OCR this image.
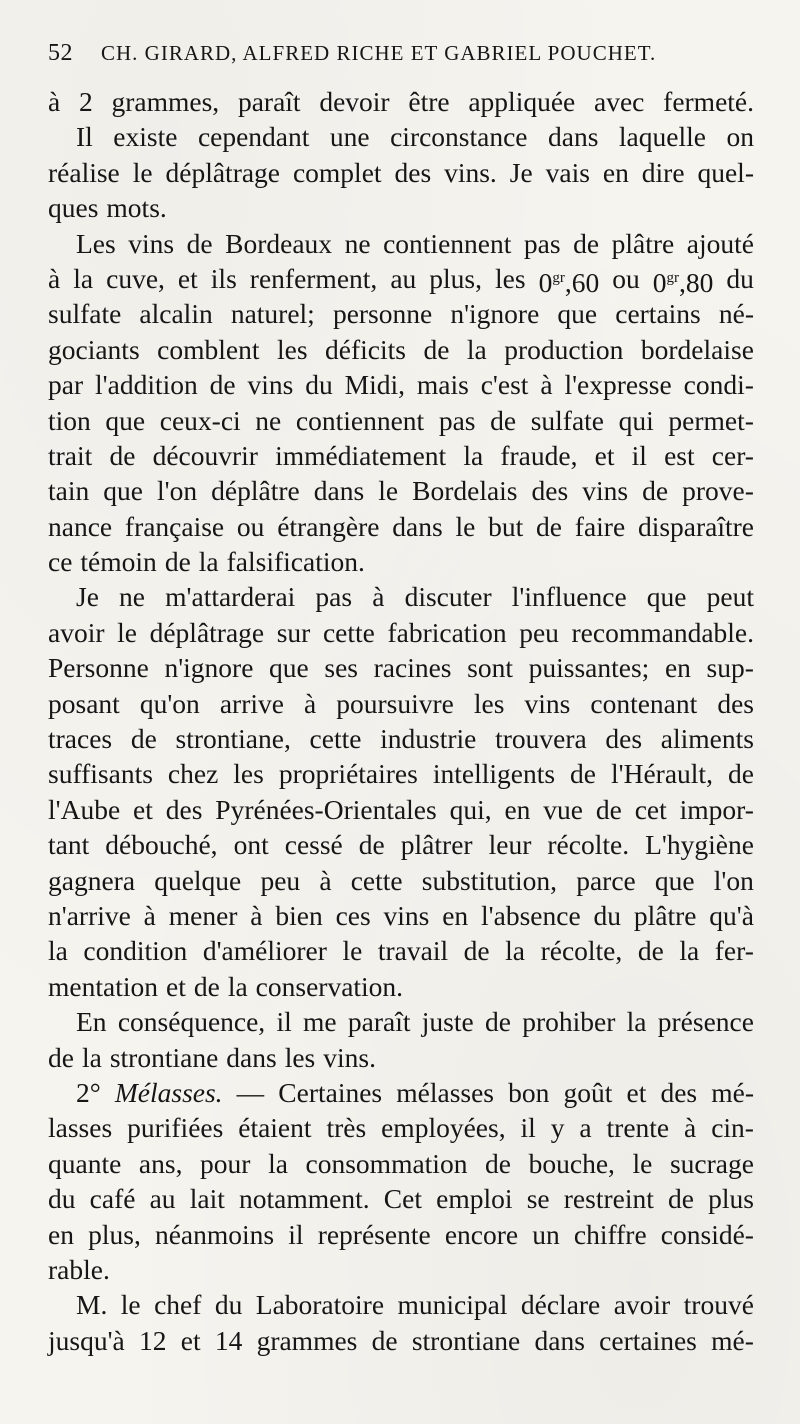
52 CH. GIRARD, ALFRED RICHE ET GABRIEL POUCHET.
à 2 grammes, paraît devoir être appliquée avec fermeté.
Il existe cependant une circonstance dans laquelle on
réalise le déplâtrage complet des vins. Je vais en dire quel-
ques mots.
Les vins de Bordeaux ne contiennent pas de plâtre ajouté
à la cuve, et ils renferment, au plus, les $0^{gr},60$ ou $0^{gr},80$ du
sulfate alcalin naturel; personne n'ignore que certains né-
gociants comblent les déficits de la production bordelaise
par l'addition de vins du Midi, mais c'est à l'expresse condi-
tion que ceux-ci ne contiennent pas de sulfate qui permet-
trait de découvrir immédiatement la fraude, et il est cer-
tain que l'on déplâtre dans le Bordelais des vins de prove-
nance française ou étrangère dans le but de faire disparaître
ce témoin de la falsification.
Je ne m'attarderai pas à discuter l'influence que peut
avoir le déplâtrage sur cette fabrication peu recommandable.
Personne n'ignore que ses racines sont puissantes; en sup-
posant qu'on arrive à poursuivre les vins contenant des
traces de strontiane, cette industrie trouvera des aliments
suffisants chez les propriétaires intelligents de l'Hérault, de
l'Aube et des Pyrénées-Orientales qui, en vue de cet impor-
tant débouché, ont cessé de plâtrer leur récolte. L'hygiène
gagnera quelque peu à cette substitution, parce que l'on
n'arrive à mener à bien ces vins en l'absence du plâtre qu'à
la condition d'améliorer le travail de la récolte, de la fer-
mentation et de la conservation.
En conséquence, il me paraît juste de prohiber la présence
de la strontiane dans les vins.
2° Mélasses. — Certaines mélasses bon goût et des mé-
lasses purifiées étaient très employées, il y a trente à cin-
quante ans, pour la consommation de bouche, le sucrage
du café au lait notamment. Cet emploi se restreint de plus
en plus, néanmoins il représente encore un chiffre considé-
rable.
M. le chef du Laboratoire municipal déclare avoir trouvé
jusqu'à 12 et 14 grammes de strontiane dans certaines mé-
